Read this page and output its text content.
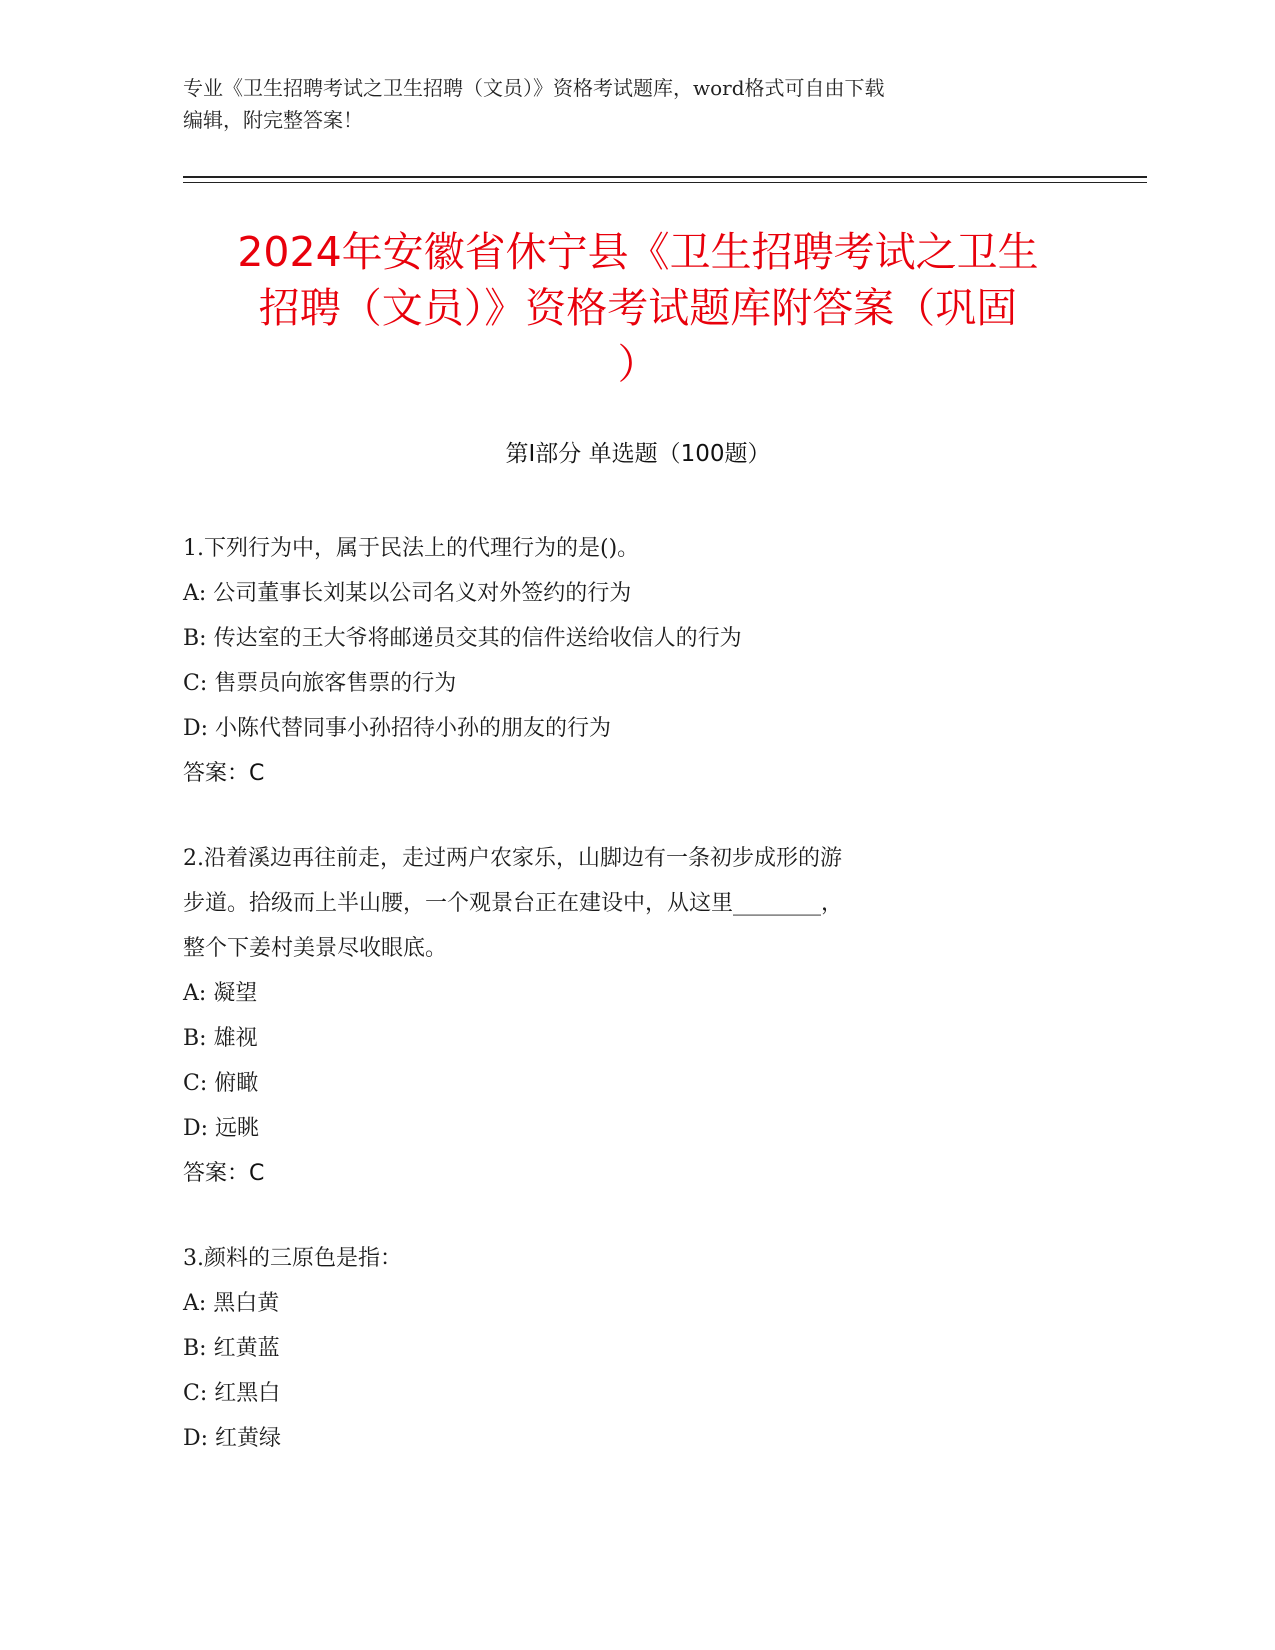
专业《卫生招聘考试之卫生招聘（文员）》资格考试题库，word格式可自由下载
编辑，附完整答案！
2024年安徽省休宁县《卫生招聘考试之卫生
招聘（文员）》资格考试题库附答案（巩固
）
第Ⅰ部分 单选题（100题）
1.下列行为中，属于民法上的代理行为的是()。
A: 公司董事长刘某以公司名义对外签约的行为
B: 传达室的王大爷将邮递员交其的信件送给收信人的行为
C: 售票员向旅客售票的行为
D: 小陈代替同事小孙招待小孙的朋友的行为
答案：C
2.沿着溪边再往前走，走过两户农家乐，山脚边有一条初步成形的游
步道。拾级而上半山腰，一个观景台正在建设中，从这里________，
整个下姜村美景尽收眼底。
A: 凝望
B: 雄视
C: 俯瞰
D: 远眺
答案：C
3.颜料的三原色是指：
A: 黑白黄
B: 红黄蓝
C: 红黑白
D: 红黄绿
